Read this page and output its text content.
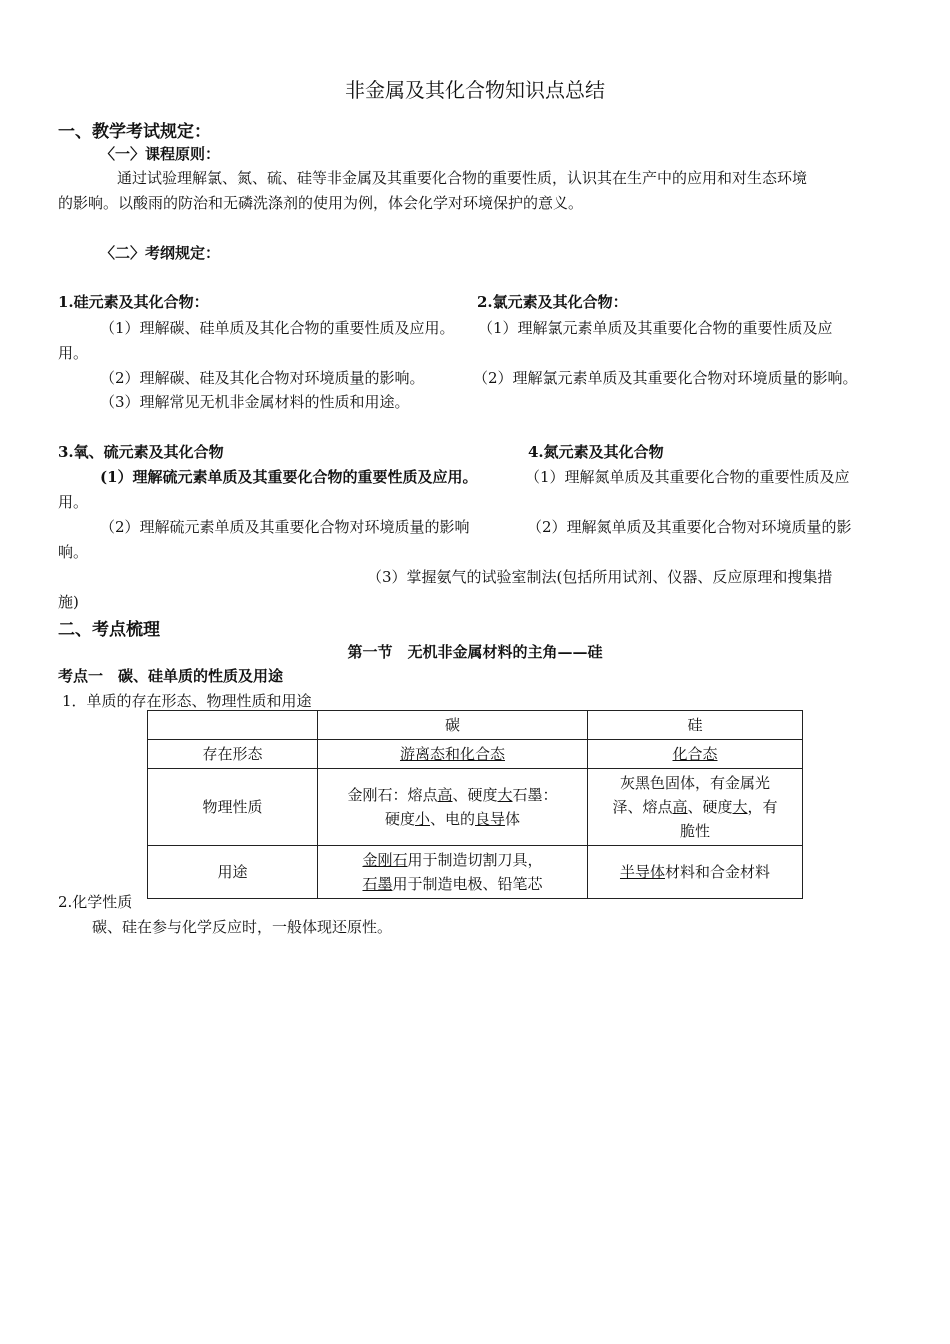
非金属及其化合物知识点总结
一、教学考试规定：
〈一〉课程原则：
通过试验理解氯、氮、硫、硅等非金属及其重要化合物的重要性质，认识其在生产中的应用和对生态环境
的影响。以酸雨的防治和无磷洗涤剂的使用为例，体会化学对环境保护的意义。
〈二〉考纲规定：
1.硅元素及其化合物：	2.氯元素及其化合物：
（1）理解碳、硅单质及其化合物的重要性质及应用。 （1）理解氯元素单质及其重要化合物的重要性质及应
用。
（2）理解碳、硅及其化合物对环境质量的影响。	（2）理解氯元素单质及其重要化合物对环境质量的影响。
（3）理解常见无机非金属材料的性质和用途。
3.氧、硫元素及其化合物	4.氮元素及其化合物
(1）理解硫元素单质及其重要化合物的重要性质及应用。	（1）理解氮单质及其重要化合物的重要性质及应
用。
（2）理解硫元素单质及其重要化合物对环境质量的影响	（2）理解氮单质及其重要化合物对环境质量的影
响。
（3）掌握氨气的试验室制法(包括所用试剂、仪器、反应原理和搜集措
施)
二、考点梳理
第一节　无机非金属材料的主角——硅
考点一　碳、硅单质的性质及用途
1．单质的存在形态、物理性质和用途
	碳	硅
存在形态	游离态和化合态	化合态
物理性质	金刚石：熔点高、硬度大石墨：
硬度小、电的良导体	灰黑色固体，有金属光
泽、熔点高、硬度大，有
脆性
用途	金刚石用于制造切割刀具，
石墨用于制造电极、铅笔芯	半导体材料和合金材料
2.化学性质
碳、硅在参与化学反应时，一般体现还原性。
